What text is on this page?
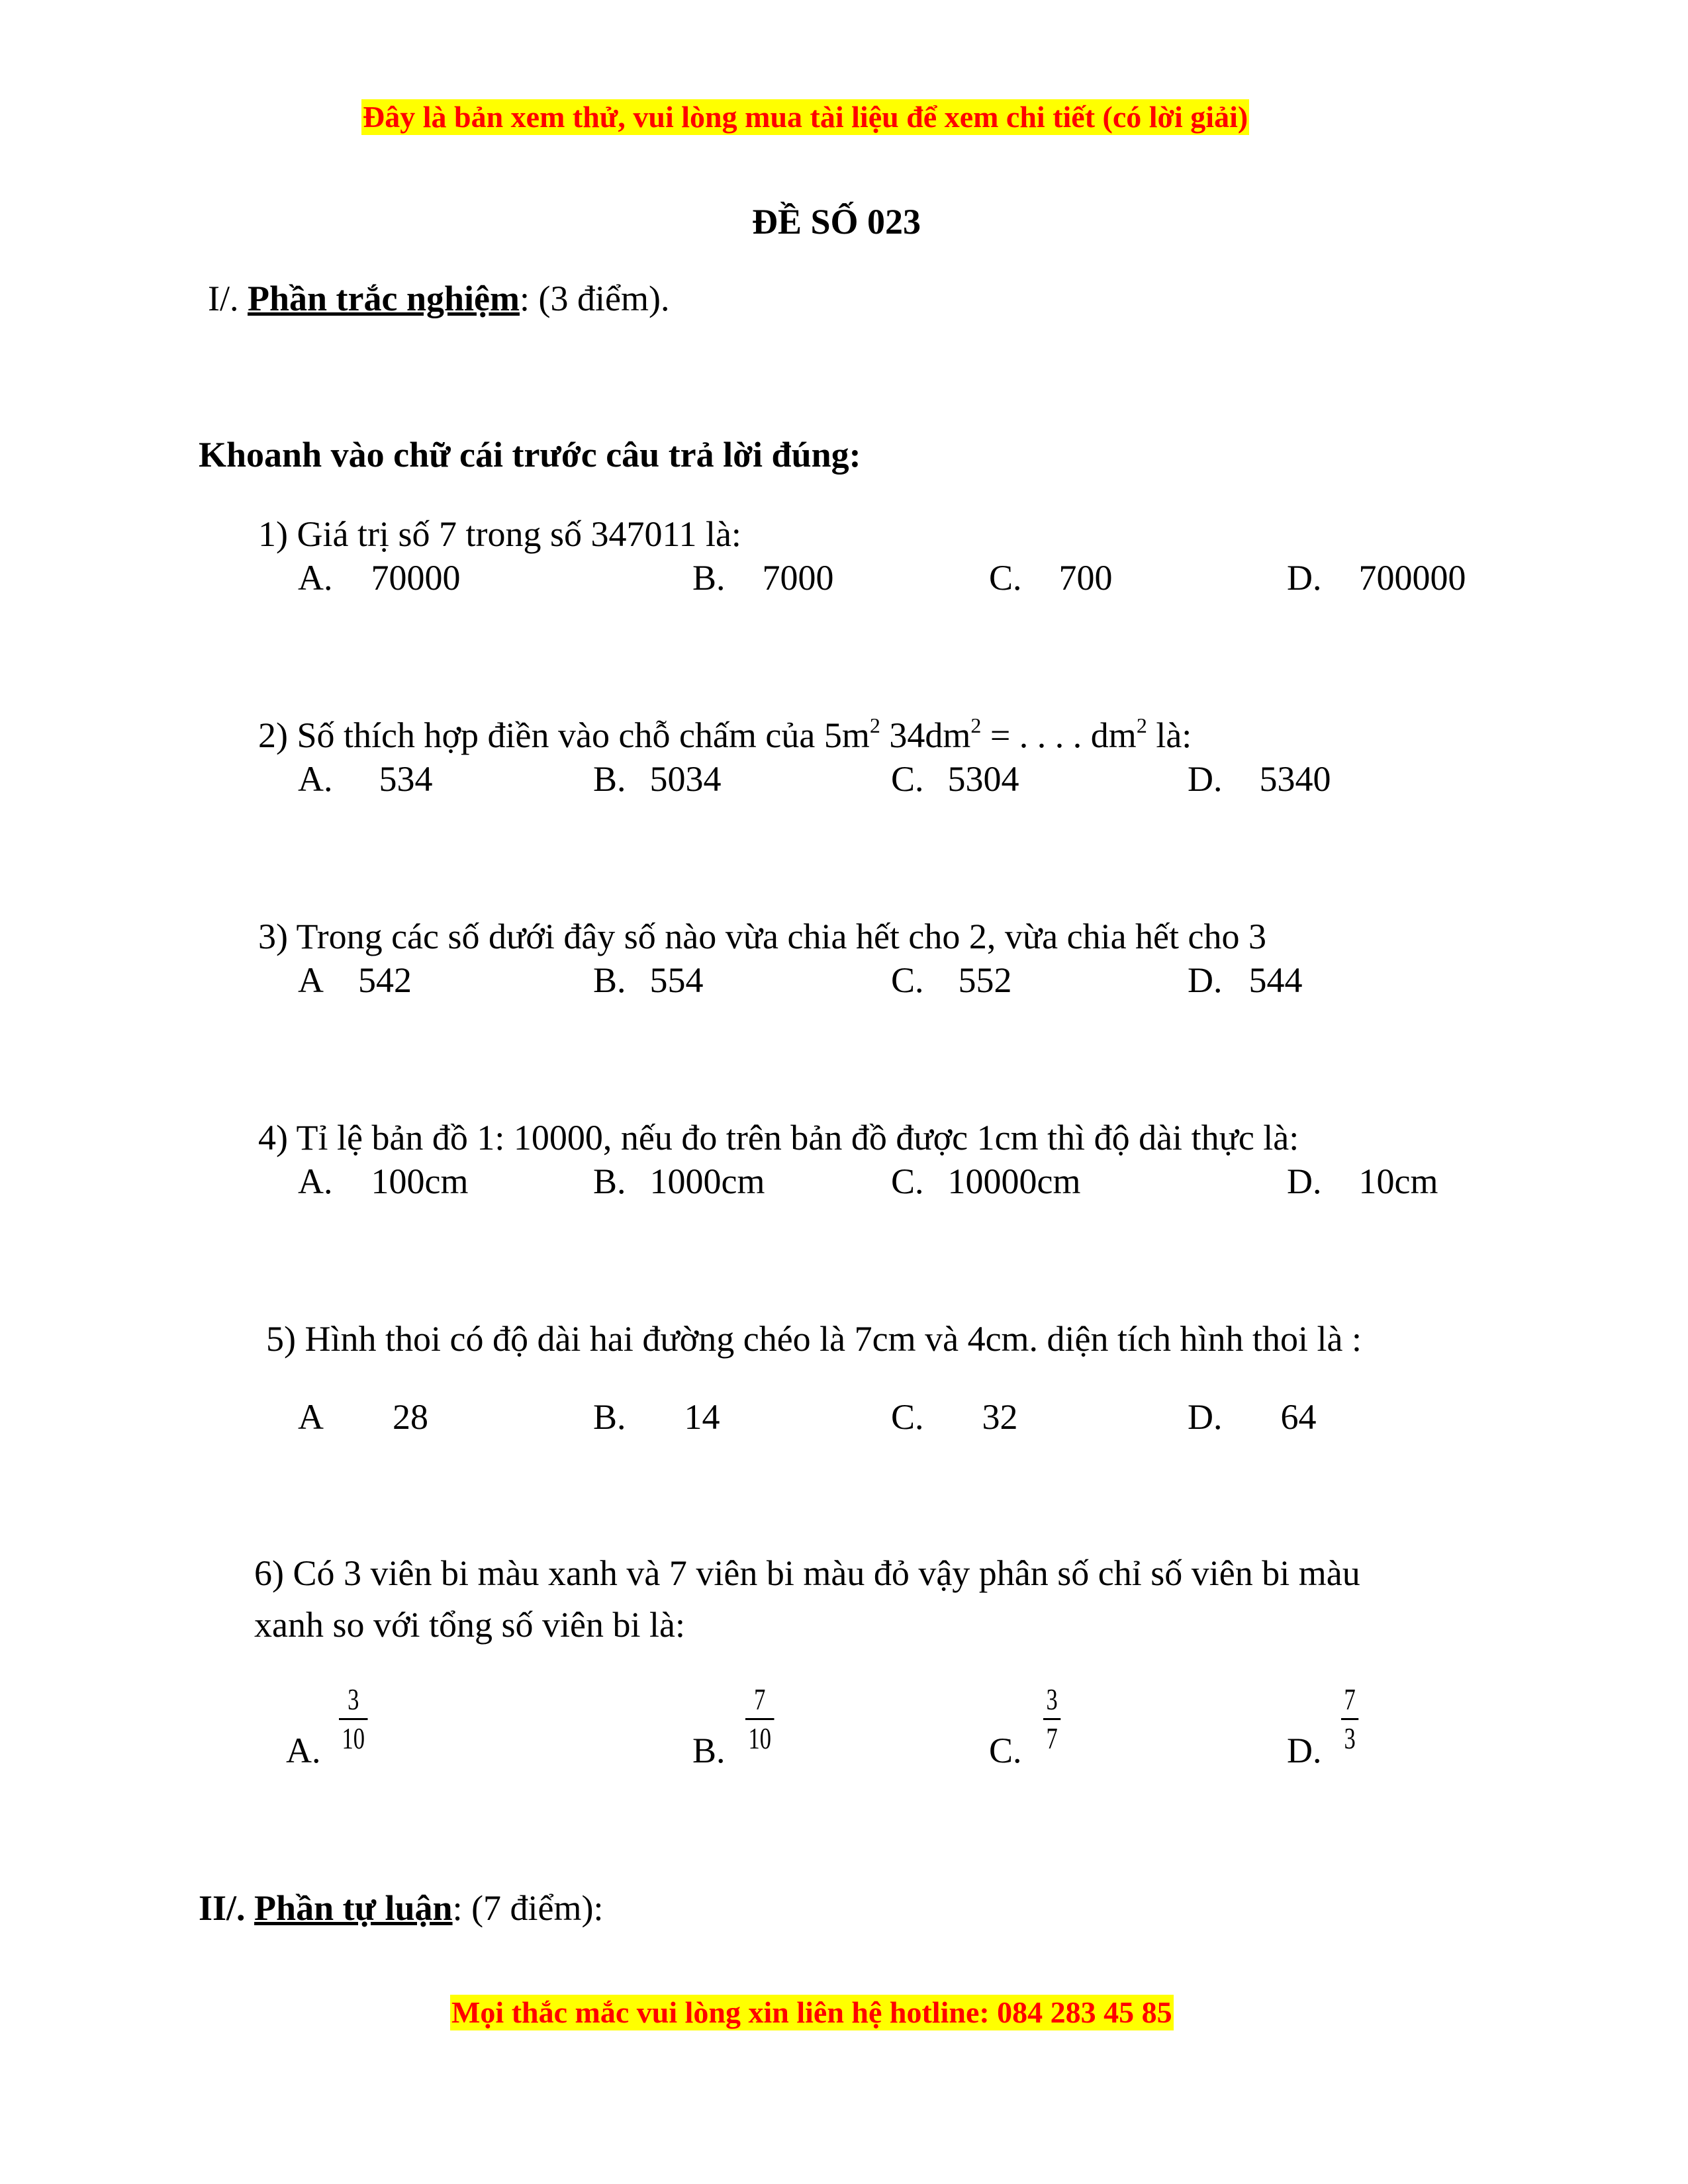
Đây là bản xem thử, vui lòng mua tài liệu để xem chi tiết (có lời giải)
ĐỀ SỐ 023
I/. Phần trắc nghiệm: (3 điểm).
Khoanh vào chữ cái trước câu trả lời đúng:
1) Giá trị số 7 trong số 347011 là:
A. 70000	B. 7000	C. 700	D. 700000
2) Số thích hợp điền vào chỗ chấm của $5m^2$ $34dm^2$ = . . . . $dm^2$ là:
A. 534	B. 5034	C. 5304	D. 5340
3) Trong các số dưới đây số nào vừa chia hết cho 2, vừa chia hết cho 3
A 542	B. 554	C. 552	D. 544
4) Tỉ lệ bản đồ 1: 10000, nếu đo trên bản đồ được 1cm thì độ dài thực là:
A. 100cm	B. 1000cm	C. 10000cm	D. 10cm
5) Hình thoi có độ dài hai đường chéo là 7cm và 4cm. diện tích hình thoi là :
A 28	B. 14	C. 32	D. 64
6) Có 3 viên bi màu xanh và 7 viên bi màu đỏ vậy phân số chỉ số viên bi màu
xanh so với tổng số viên bi là:
A. $\frac{3}{10}$	B. $\frac{7}{10}$	C. $\frac{3}{7}$	D. $\frac{7}{3}$
II/. Phần tự luận: (7 điểm):
Mọi thắc mắc vui lòng xin liên hệ hotline: 084 283 45 85
